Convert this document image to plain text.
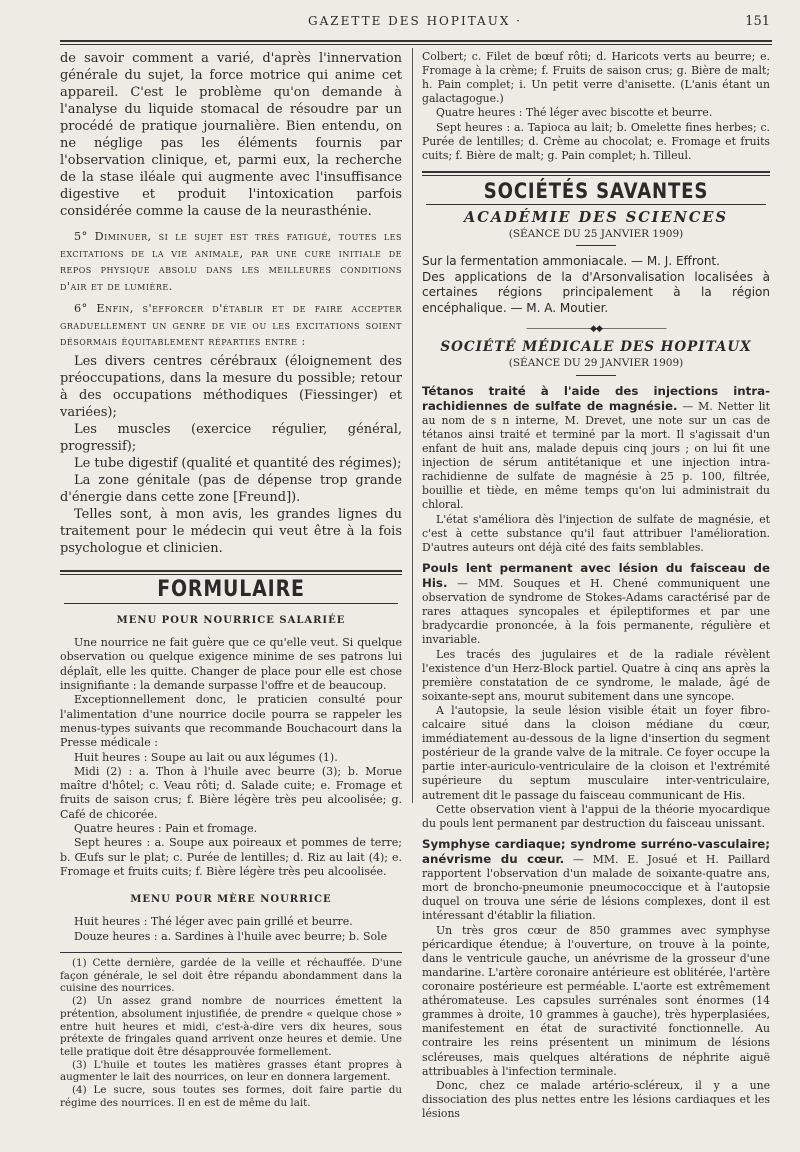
GAZETTE DES HOPITAUX ·	151

de savoir comment a varié, d'après l'innervation générale du sujet, la force motrice qui anime cet appareil. C'est le problème qu'on demande à l'analyse du liquide stomacal de résoudre par un procédé de pratique journalière. Bien entendu, on ne néglige pas les éléments fournis par l'observation clinique, et, parmi eux, la recherche de la stase iléale qui augmente avec l'insuffisance digestive et produit l'intoxication parfois considérée comme la cause de la neurasthénie.

5° Diminuer, si le sujet est très fatigué, toutes les excitations de la vie animale, par une cure initiale de repos physique absolu dans les meilleures conditions d'air et de lumière.

6° Enfin, s'efforcer d'établir et de faire accepter graduellement un genre de vie ou les excitations soient désormais équitablement réparties entre :

Les divers centres cérébraux (éloignement des préoccupations, dans la mesure du possible; retour à des occupations méthodiques (Fiessinger) et variées);

Les muscles (exercice régulier, général, progressif);

Le tube digestif (qualité et quantité des régimes);

La zone génitale (pas de dépense trop grande d'énergie dans cette zone [Freund]).

Telles sont, à mon avis, les grandes lignes du traitement pour le médecin qui veut être à la fois psychologue et clinicien.

FORMULAIRE
MENU POUR NOURRICE SALARIÉE

Une nourrice ne fait guère que ce qu'elle veut. Si quelque observation ou quelque exigence minime de ses patrons lui déplaît, elle les quitte. Changer de place pour elle est chose insignifiante : la demande surpasse l'offre et de beaucoup.

Exceptionnellement donc, le praticien consulté pour l'alimentation d'une nourrice docile pourra se rappeler les menus-types suivants que recommande Bouchacourt dans la Presse médicale :

Huit heures : Soupe au lait ou aux légumes (1).

Midi (2) : a. Thon à l'huile avec beurre (3); b. Morue maître d'hôtel; c. Veau rôti; d. Salade cuite; e. Fromage et fruits de saison crus; f. Bière légère très peu alcoolisée; g. Café de chicorée.

Quatre heures : Pain et fromage.

Sept heures : a. Soupe aux poireaux et pommes de terre; b. Œufs sur le plat; c. Purée de lentilles; d. Riz au lait (4); e. Fromage et fruits cuits; f. Bière légère très peu alcoolisée.

MENU POUR MÈRE NOURRICE

Huit heures : Thé léger avec pain grillé et beurre.

Douze heures : a. Sardines à l'huile avec beurre; b. Sole

(1) Cette dernière, gardée de la veille et réchauffée. D'une façon générale, le sel doit être répandu abondamment dans la cuisine des nourrices.

(2) Un assez grand nombre de nourrices émettent la prétention, absolument injustifiée, de prendre « quelque chose » entre huit heures et midi, c'est-à-dire vers dix heures, sous prétexte de fringales quand arrivent onze heures et demie. Une telle pratique doit être désapprouvée formellement.

(3) L'huile et toutes les matières grasses étant propres à augmenter le lait des nourrices, on leur en donnera largement.

(4) Le sucre, sous toutes ses formes, doit faire partie du régime des nourrices. Il en est de même du lait.

Colbert; c. Filet de bœuf rôti; d. Haricots verts au beurre; e. Fromage à la crème; f. Fruits de saison crus; g. Bière de malt; h. Pain complet; i. Un petit verre d'anisette. (L'anis étant un galactagogue.)

Quatre heures : Thé léger avec biscotte et beurre.

Sept heures : a. Tapioca au lait; b. Omelette fines herbes; c. Purée de lentilles; d. Crème au chocolat; e. Fromage et fruits cuits; f. Bière de malt; g. Pain complet; h. Tilleul.

SOCIÉTÉS SAVANTES
ACADÉMIE DES SCIENCES
(SÉANCE DU 25 JANVIER 1909)

Sur la fermentation ammoniacale. — M. J. Effront.

Des applications de la d'Arsonvalisation localisées à certaines régions principalement à la région encéphalique. — M. A. Moutier.

————————◆◆————————
SOCIÉTÉ MÉDICALE DES HOPITAUX
(SÉANCE DU 29 JANVIER 1909)

Tétanos traité à l'aide des injections intra-rachidiennes de sulfate de magnésie. — M. Netter lit au nom de s n interne, M. Drevet, une note sur un cas de tétanos ainsi traité et terminé par la mort. Il s'agissait d'un enfant de huit ans, malade depuis cinq jours ; on lui fit une injection de sérum antitétanique et une injection intra-rachidienne de sulfate de magnésie à 25 p. 100, filtrée, bouillie et tiède, en même temps qu'on lui administrait du chloral.

L'état s'améliora dès l'injection de sulfate de magnésie, et c'est à cette substance qu'il faut attribuer l'amélioration. D'autres auteurs ont déjà cité des faits semblables.

Pouls lent permanent avec lésion du faisceau de His. — MM. Souques et H. Chené communiquent une observation de syndrome de Stokes-Adams caractérisé par de rares attaques syncopales et épileptiformes et par une bradycardie prononcée, à la fois permanente, régulière et invariable.

Les tracés des jugulaires et de la radiale révèlent l'existence d'un Herz-Block partiel. Quatre à cinq ans après la première constatation de ce syndrome, le malade, âgé de soixante-sept ans, mourut subitement dans une syncope.

A l'autopsie, la seule lésion visible était un foyer fibro-calcaire situé dans la cloison médiane du cœur, immédiatement au-dessous de la ligne d'insertion du segment postérieur de la grande valve de la mitrale. Ce foyer occupe la partie inter-auriculo-ventriculaire de la cloison et l'extrémité supérieure du septum musculaire inter-ventriculaire, autrement dit le passage du faisceau communicant de His.

Cette observation vient à l'appui de la théorie myocardique du pouls lent permanent par destruction du faisceau unissant.

Symphyse cardiaque; syndrome surréno-vasculaire; anévrisme du cœur. — MM. E. Josué et H. Paillard rapportent l'observation d'un malade de soixante-quatre ans, mort de broncho-pneumonie pneumococcique et à l'autopsie duquel on trouva une série de lésions complexes, dont il est intéressant d'établir la filiation.

Un très gros cœur de 850 grammes avec symphyse péricardique étendue; à l'ouverture, on trouve à la pointe, dans le ventricule gauche, un anévrisme de la grosseur d'une mandarine. L'artère coronaire antérieure est oblitérée, l'artère coronaire postérieure est perméable. L'aorte est extrêmement athéromateuse. Les capsules surrénales sont énormes (14 grammes à droite, 10 grammes à gauche), très hyperplasiées, manifestement en état de suractivité fonctionnelle. Au contraire les reins présentent un minimum de lésions scléreuses, mais quelques altérations de néphrite aiguë attribuables à l'infection terminale.

Donc, chez ce malade artério-scléreux, il y a une dissociation des plus nettes entre les lésions cardiaques et les lésions
